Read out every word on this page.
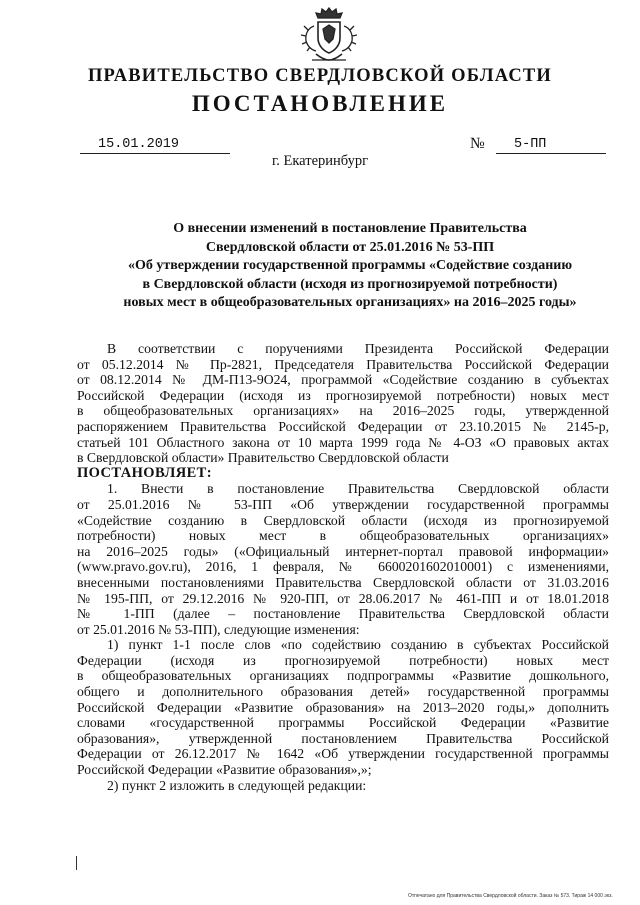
ПРАВИТЕЛЬСТВО СВЕРДЛОВСКОЙ ОБЛАСТИ
ПОСТАНОВЛЕНИЕ
15.01.2019	№	5-ПП
г. Екатеринбург
О внесении изменений в постановление Правительства
Свердловской области от 25.01.2016 № 53-ПП
«Об утверждении государственной программы «Содействие созданию
в Свердловской области (исходя из прогнозируемой потребности)
новых мест в общеобразовательных организациях» на 2016–2025 годы»
В соответствии с поручениями Президента Российской Федерации
от 05.12.2014 № Пр-2821, Председателя Правительства Российской Федерации
от 08.12.2014 № ДМ-П13-9О24, программой «Содействие созданию в субъектах
Российской Федерации (исходя из прогнозируемой потребности) новых мест
в общеобразовательных организациях» на 2016–2025 годы, утвержденной
распоряжением Правительства Российской Федерации от 23.10.2015 № 2145-р,
статьей 101 Областного закона от 10 марта 1999 года № 4-ОЗ «О правовых актах
в Свердловской области» Правительство Свердловской области
ПОСТАНОВЛЯЕТ:
1. Внести в постановление Правительства Свердловской области
от 25.01.2016 № 53-ПП «Об утверждении государственной программы
«Содействие созданию в Свердловской области (исходя из прогнозируемой
потребности) новых мест в общеобразовательных организациях»
на 2016–2025 годы» («Официальный интернет-портал правовой информации»
(www.pravo.gov.ru), 2016, 1 февраля, № 6600201602010001) с изменениями,
внесенными постановлениями Правительства Свердловской области от 31.03.2016
№ 195-ПП, от 29.12.2016 № 920-ПП, от 28.06.2017 № 461-ПП и от 18.01.2018
№ 1-ПП (далее – постановление Правительства Свердловской области
от 25.01.2016 № 53-ПП), следующие изменения:
1) пункт 1-1 после слов «по содействию созданию в субъектах Российской
Федерации (исходя из прогнозируемой потребности) новых мест
в общеобразовательных организациях подпрограммы «Развитие дошкольного,
общего и дополнительного образования детей» государственной программы
Российской Федерации «Развитие образования» на 2013–2020 годы,» дополнить
словами «государственной программы Российской Федерации «Развитие
образования», утвержденной постановлением Правительства Российской
Федерации от 26.12.2017 № 1642 «Об утверждении государственной программы
Российской Федерации «Развитие образования»,»;
2) пункт 2 изложить в следующей редакции:
Отпечатано для Правительства Свердловской области. Заказ № 573. Тираж 14 000 экз.
